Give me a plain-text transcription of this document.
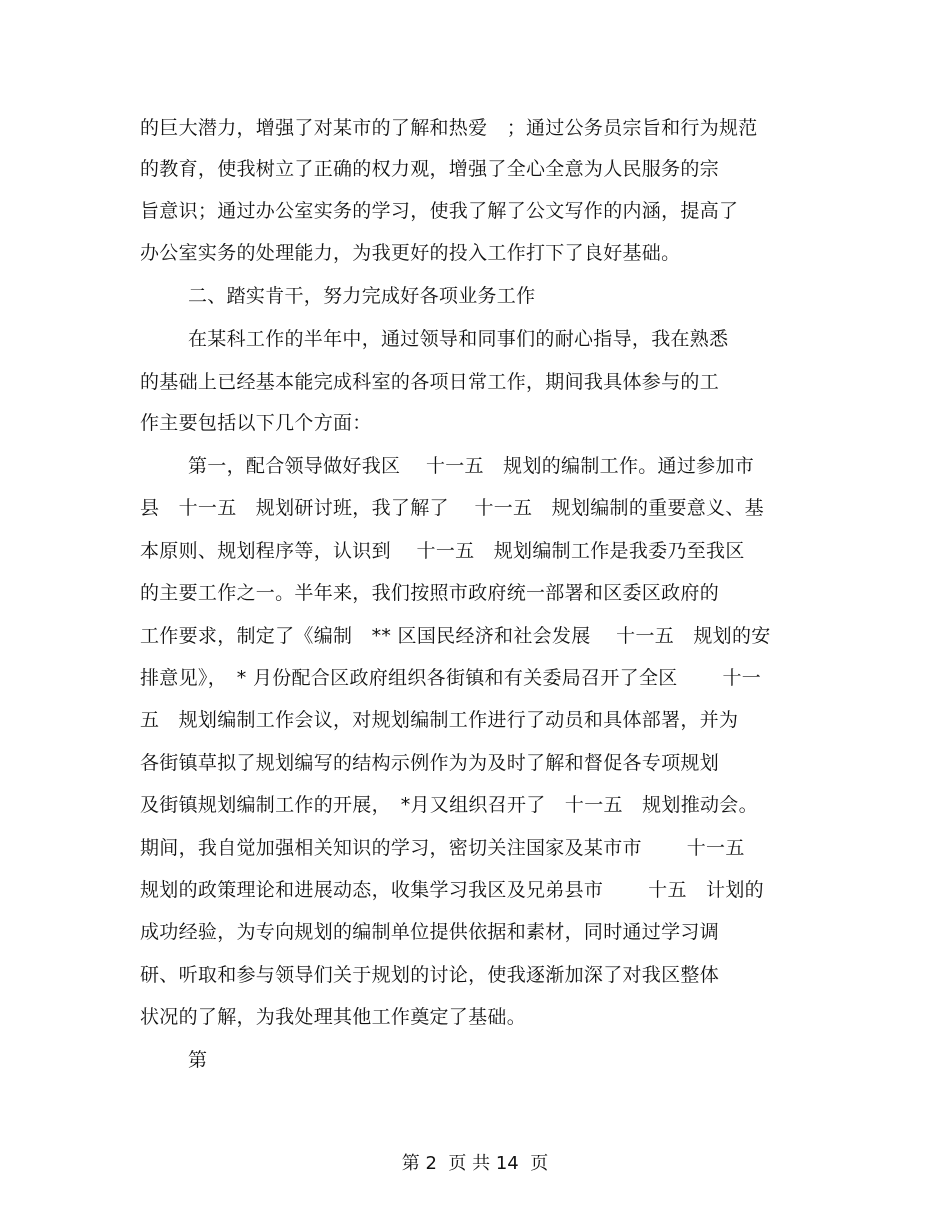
的巨大潜力，增强了对某市的了解和热爱　；通过公务员宗旨和行为规范
的教育，使我树立了正确的权力观，增强了全心全意为人民服务的宗
旨意识；通过办公室实务的学习，使我了解了公文写作的内涵，提高了
办公室实务的处理能力，为我更好的投入工作打下了良好基础。
二、踏实肯干，努力完成好各项业务工作
在某科工作的半年中，通过领导和同事们的耐心指导，我在熟悉
的基础上已经基本能完成科室的各项日常工作，期间我具体参与的工
作主要包括以下几个方面：
第一，配合领导做好我区　 十一五　规划的编制工作。通过参加市
县　十一五　规划研讨班，我了解了　 十一五　规划编制的重要意义、基
本原则、规划程序等，认识到　 十一五　规划编制工作是我委乃至我区
的主要工作之一。半年来，我们按照市政府统一部署和区委区政府的
工作要求，制定了《编制　** 区国民经济和社会发展　 十一五　规划的安
排意见》，　* 月份配合区政府组织各街镇和有关委局召开了全区　　 十一
五　规划编制工作会议，对规划编制工作进行了动员和具体部署，并为
各街镇草拟了规划编写的结构示例作为为及时了解和督促各专项规划
及街镇规划编制工作的开展，　*月又组织召开了　十一五　规划推动会。
期间，我自觉加强相关知识的学习，密切关注国家及某市市　　 十一五
规划的政策理论和进展动态，收集学习我区及兄弟县市　　 十五　计划的
成功经验，为专向规划的编制单位提供依据和素材，同时通过学习调
研、听取和参与领导们关于规划的讨论，使我逐渐加深了对我区整体
状况的了解，为我处理其他工作奠定了基础。
第
第 2  页 共 14  页
